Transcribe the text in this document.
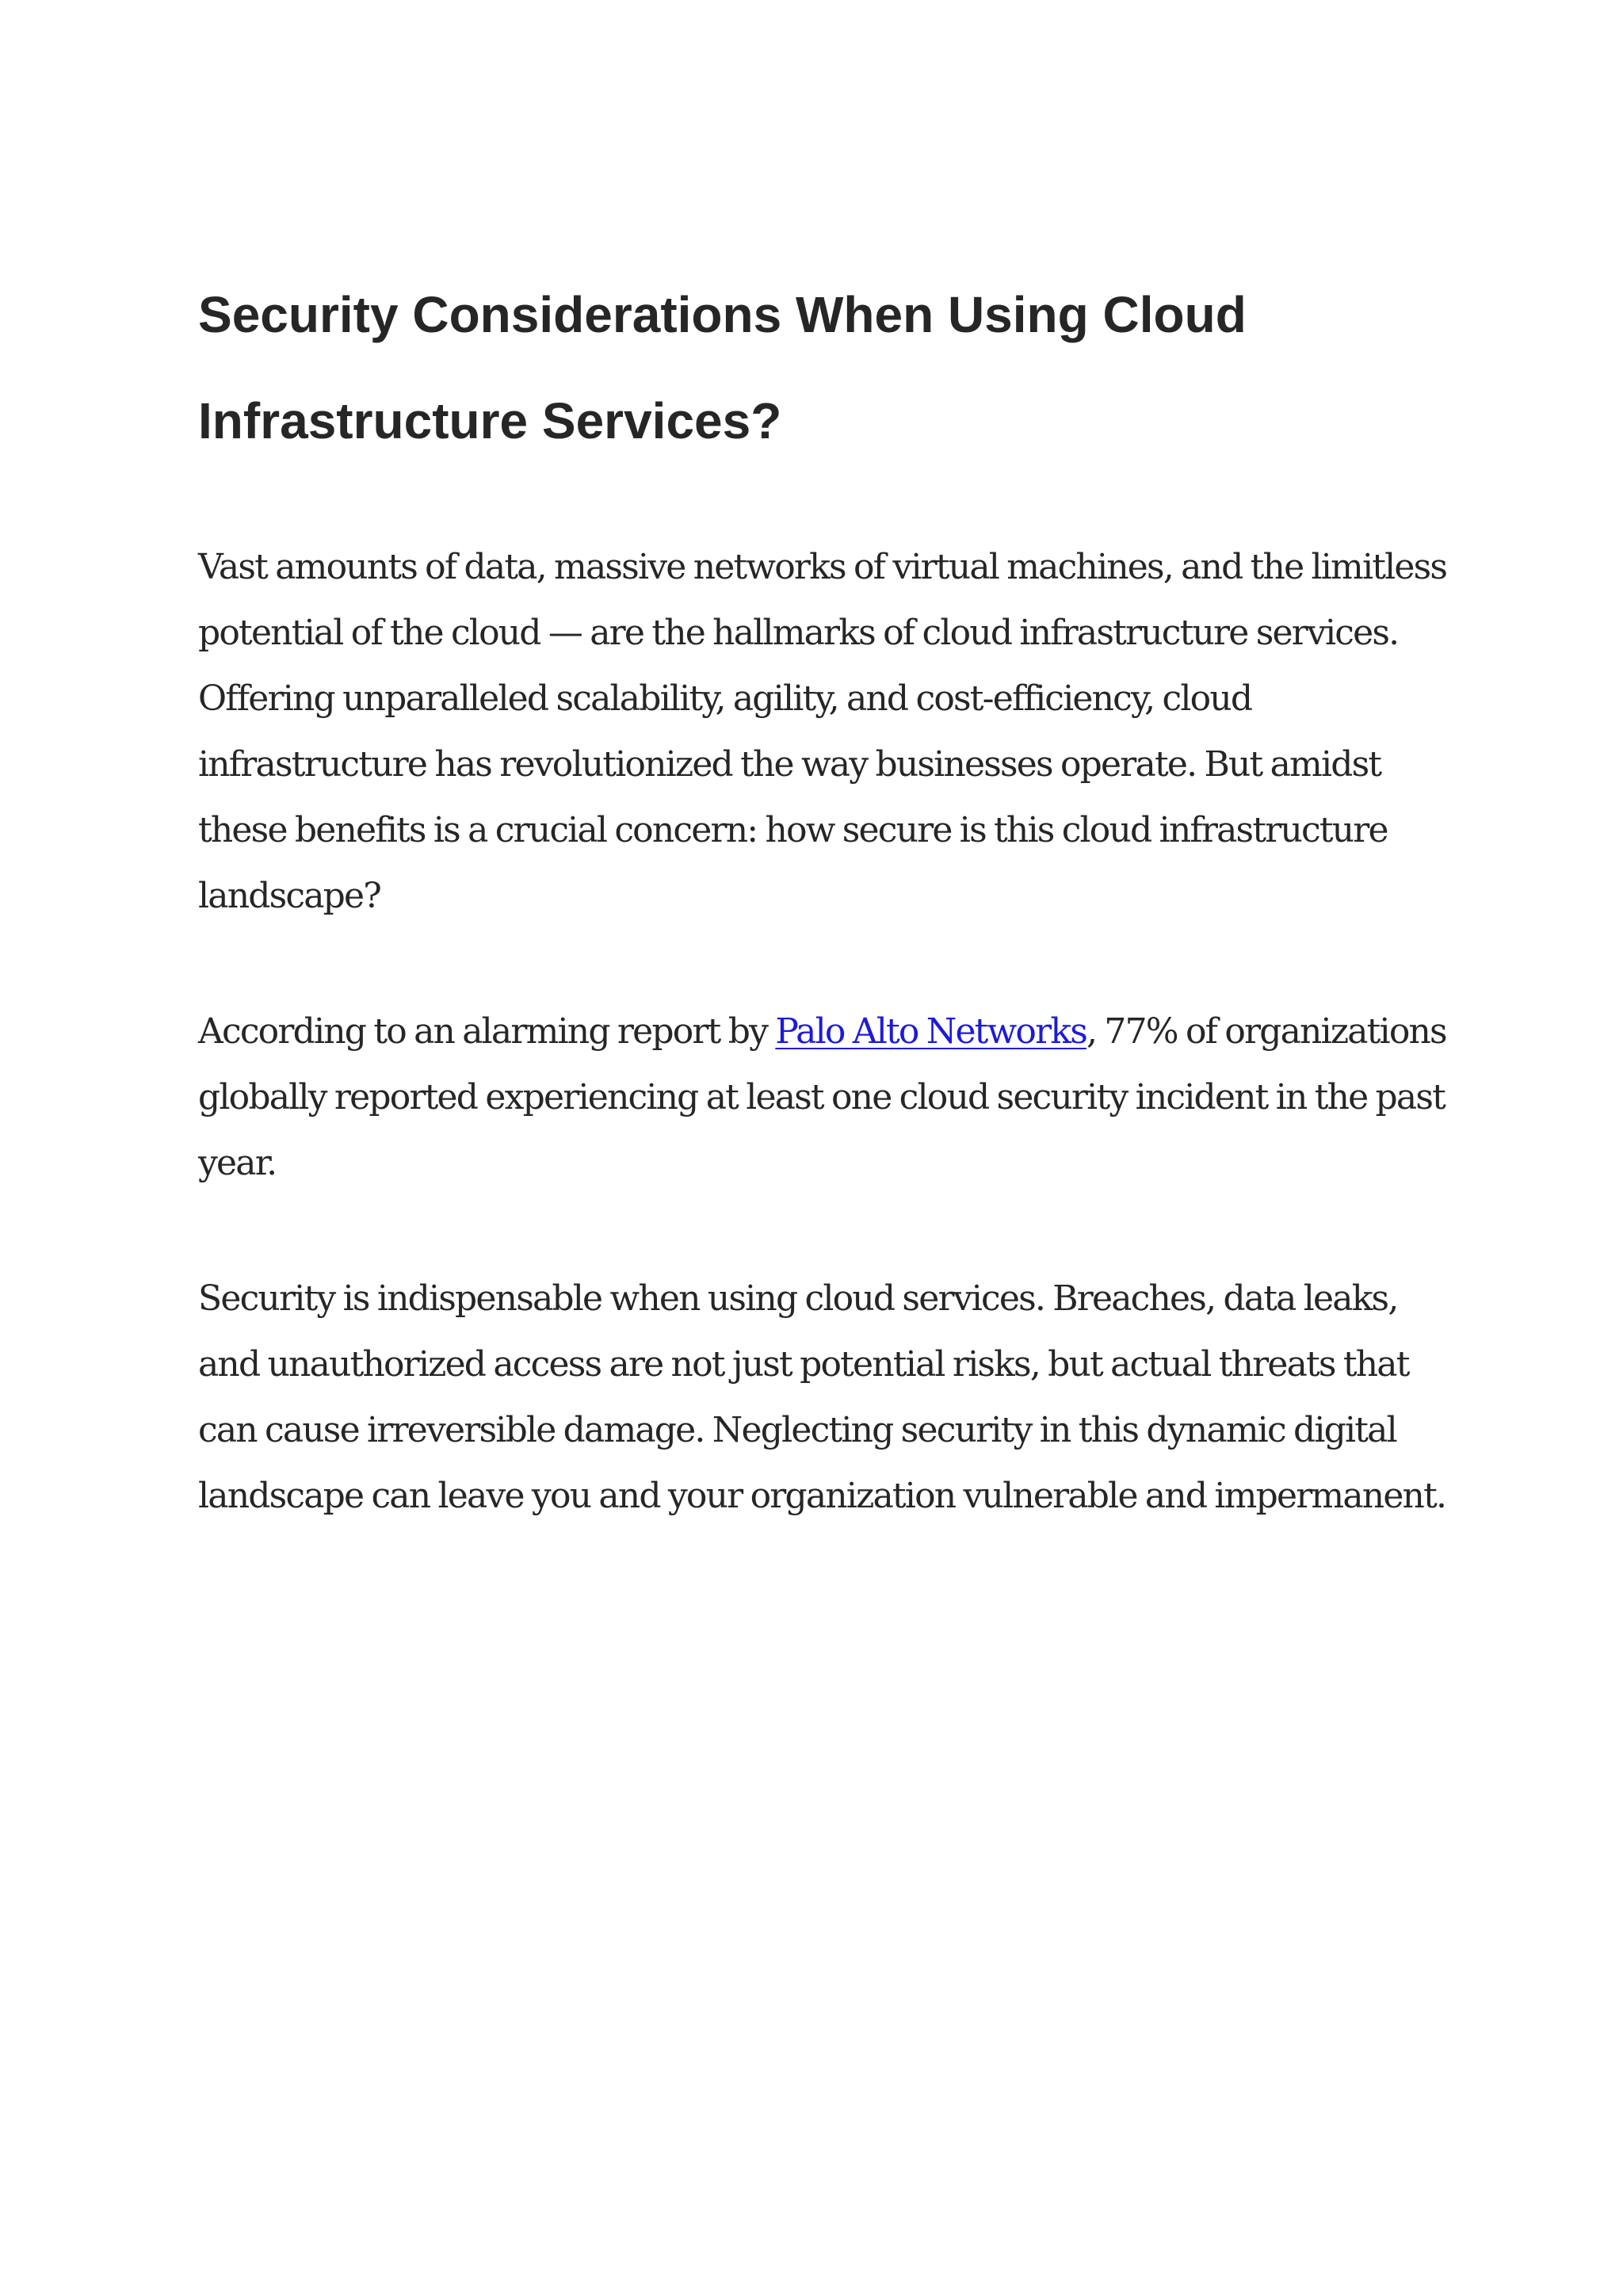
Security Considerations When Using Cloud Infrastructure Services?

Vast amounts of data, massive networks of virtual machines, and the limitless potential of the cloud — are the hallmarks of cloud infrastructure services. Offering unparalleled scalability, agility, and cost-efficiency, cloud infrastructure has revolutionized the way businesses operate. But amidst these benefits is a crucial concern: how secure is this cloud infrastructure landscape?

According to an alarming report by Palo Alto Networks, 77% of organizations globally reported experiencing at least one cloud security incident in the past year.

Security is indispensable when using cloud services. Breaches, data leaks, and unauthorized access are not just potential risks, but actual threats that can cause irreversible damage. Neglecting security in this dynamic digital landscape can leave you and your organization vulnerable and impermanent.
